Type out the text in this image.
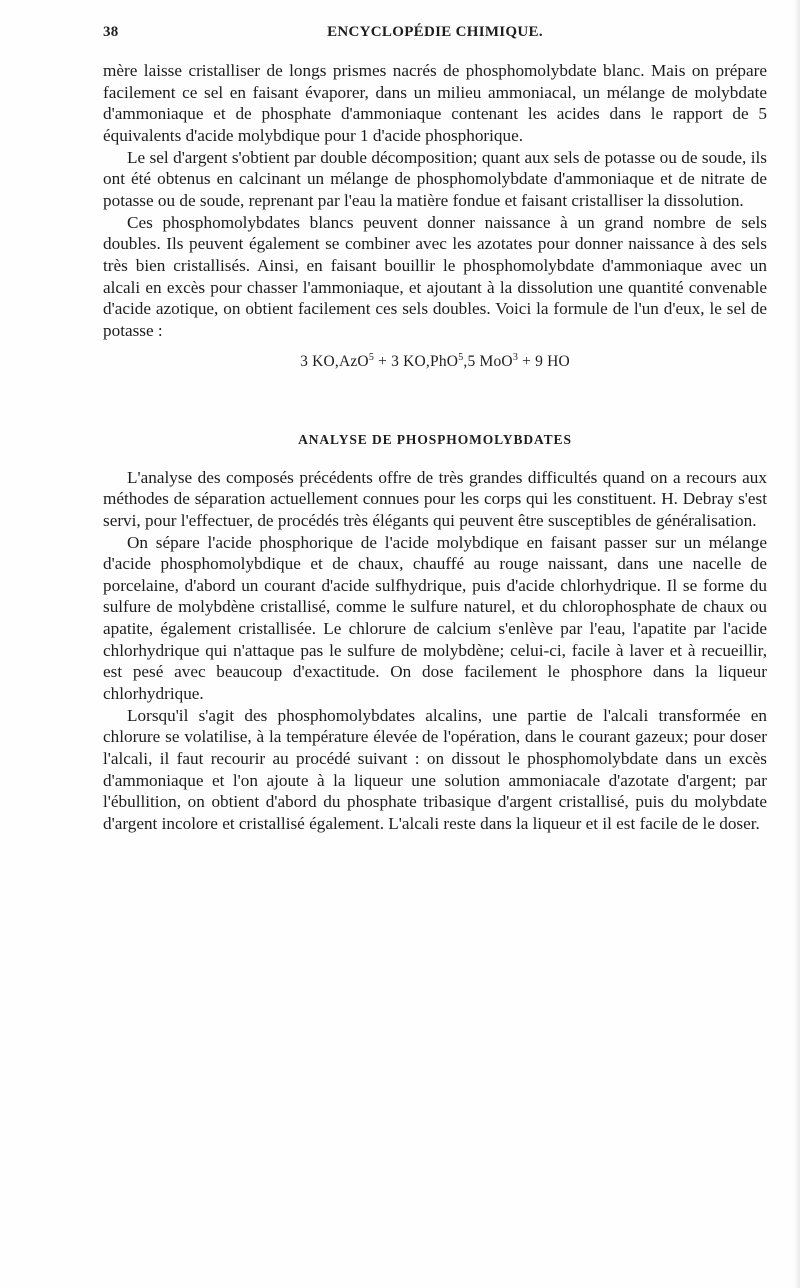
38	ENCYCLOPÉDIE CHIMIQUE.

mère laisse cristalliser de longs prismes nacrés de phosphomolybdate blanc. Mais on prépare facilement ce sel en faisant évaporer, dans un milieu ammoniacal, un mélange de molybdate d'ammoniaque et de phosphate d'ammoniaque contenant les acides dans le rapport de 5 équivalents d'acide molybdique pour 1 d'acide phosphorique.

Le sel d'argent s'obtient par double décomposition; quant aux sels de potasse ou de soude, ils ont été obtenus en calcinant un mélange de phosphomolybdate d'ammoniaque et de nitrate de potasse ou de soude, reprenant par l'eau la matière fondue et faisant cristalliser la dissolution.

Ces phosphomolybdates blancs peuvent donner naissance à un grand nombre de sels doubles. Ils peuvent également se combiner avec les azotates pour donner naissance à des sels très bien cristallisés. Ainsi, en faisant bouillir le phosphomolybdate d'ammoniaque avec un alcali en excès pour chasser l'ammoniaque, et ajoutant à la dissolution une quantité convenable d'acide azotique, on obtient facilement ces sels doubles. Voici la formule de l'un d'eux, le sel de potasse :

3 KO,AzO$^5$ + 3 KO,PhO$^5$,5 MoO$^3$ + 9 HO
ANALYSE DE PHOSPHOMOLYBDATES

L'analyse des composés précédents offre de très grandes difficultés quand on a recours aux méthodes de séparation actuellement connues pour les corps qui les constituent. H. Debray s'est servi, pour l'effectuer, de procédés très élégants qui peuvent être susceptibles de généralisation.

On sépare l'acide phosphorique de l'acide molybdique en faisant passer sur un mélange d'acide phosphomolybdique et de chaux, chauffé au rouge naissant, dans une nacelle de porcelaine, d'abord un courant d'acide sulfhydrique, puis d'acide chlorhydrique. Il se forme du sulfure de molybdène cristallisé, comme le sulfure naturel, et du chlorophosphate de chaux ou apatite, également cristallisée. Le chlorure de calcium s'enlève par l'eau, l'apatite par l'acide chlorhydrique qui n'attaque pas le sulfure de molybdène; celui-ci, facile à laver et à recueillir, est pesé avec beaucoup d'exactitude. On dose facilement le phosphore dans la liqueur chlorhydrique.

Lorsqu'il s'agit des phosphomolybdates alcalins, une partie de l'alcali transformée en chlorure se volatilise, à la température élevée de l'opération, dans le courant gazeux; pour doser l'alcali, il faut recourir au procédé suivant : on dissout le phosphomolybdate dans un excès d'ammoniaque et l'on ajoute à la liqueur une solution ammoniacale d'azotate d'argent; par l'ébullition, on obtient d'abord du phosphate tribasique d'argent cristallisé, puis du molybdate d'argent incolore et cristallisé également. L'alcali reste dans la liqueur et il est facile de le doser.
